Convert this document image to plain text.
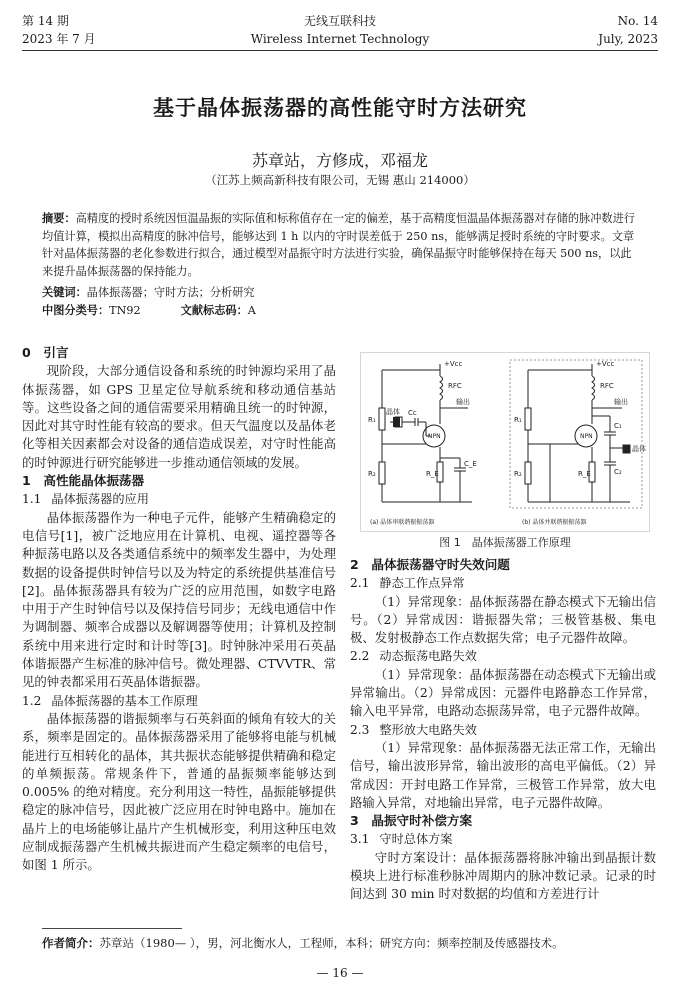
第 14 期
2023 年 7 月
无线互联科技
Wireless Internet Technology
No. 14
July, 2023
基于晶体振荡器的高性能守时方法研究
苏章站，方修成，邓福龙
（江苏上频高新科技有限公司，无锡 惠山 214000）
摘要：高精度的授时系统因恒温晶振的实际值和标称值存在一定的偏差，基于高精度恒温晶体振荡器对存储的脉冲数进行均值计算，模拟出高精度的脉冲信号，能够达到 1 h 以内的守时误差低于 250 ns，能够满足授时系统的守时要求。文章针对晶体振荡器的老化参数进行拟合，通过模型对晶振守时方法进行实验，确保晶振守时能够保持在每天 500 ns，以此来提升晶体振荡器的保持能力。
关键词：晶体振荡器；守时方法；分析研究
中图分类号：TN92	文献标志码：A

0　引言

现阶段，大部分通信设备和系统的时钟源均采用了晶体振荡器，如 GPS 卫星定位导航系统和移动通信基站等。这些设备之间的通信需要采用精确且统一的时钟源，因此对其守时性能有较高的要求。但天气温度以及晶体老化等相关因素都会对设备的通信造成误差，对守时性能高的时钟源进行研究能够进一步推动通信领域的发展。

1　高性能晶体振荡器

1.1 晶体振荡器的应用

晶体振荡器作为一种电子元件，能够产生精确稳定的电信号[1]，被广泛地应用在计算机、电视、遥控器等各种振荡电路以及各类通信系统中的频率发生器中，为处理数据的设备提供时钟信号以及为特定的系统提供基准信号[2]。晶体振荡器具有较为广泛的应用范围，如数字电路中用于产生时钟信号以及保持信号同步；无线电通信中作为调制器、频率合成器以及解调器等使用；计算机及控制系统中用来进行定时和计时等[3]。时钟脉冲采用石英晶体谐振器产生标准的脉冲信号。微处理器、CTVVTR、常见的钟表都采用石英晶体谐振器。

1.2 晶体振荡器的基本工作原理

晶体振荡器的谐振频率与石英斜面的倾角有较大的关系，频率是固定的。晶体振荡器采用了能够将电能与机械能进行互相转化的晶体，其共振状态能够提供精确和稳定的单频振荡。常规条件下，普通的晶振频率能够达到 0.005% 的绝对精度。充分利用这一特性，晶振能够提供稳定的脉冲信号，因此被广泛应用在时钟电路中。施加在晶片上的电场能够让晶片产生机械形变，利用这种压电效应制成振荡器产生机械共振进而产生稳定频率的电信号，如图 1 所示。

+Vcc
RFC
输出
晶体
NPN
R₁
R₂	R_E
C_E
Cc
(a) 晶体串联谐振振荡器
+Vcc
RFC
输出
晶体
NPN
R₁
R₂	R_E
C₁
C₂
(b) 晶体并联谐振振荡器
图 1　晶体振荡器工作原理

2　晶体振荡器守时失效问题

2.1 静态工作点异常

（1）异常现象：晶体振荡器在静态模式下无输出信号。（2）异常成因：谐振器失常；三极管基极、集电极、发射极静态工作点数据失常；电子元器件故障。

2.2 动态振荡电路失效

（1）异常现象：晶体振荡器在动态模式下无输出或异常输出。（2）异常成因：元器件电路静态工作异常，输入电平异常，电路动态振荡异常，电子元器件故障。

2.3 整形放大电路失效

（1）异常现象：晶体振荡器无法正常工作，无输出信号，输出波形异常，输出波形的高电平偏低。（2）异常成因：开封电路工作异常，三极管工作异常，放大电路输入异常，对地输出异常，电子元器件故障。

3　晶振守时补偿方案

3.1 守时总体方案

守时方案设计：晶体振荡器将脉冲输出到晶振计数模块上进行标准秒脉冲周期内的脉冲数记录。记录的时间达到 30 min 时对数据的均值和方差进行计

作者简介：苏章站（1980— ），男，河北衡水人，工程师，本科；研究方向：频率控制及传感器技术。
— 16 —
